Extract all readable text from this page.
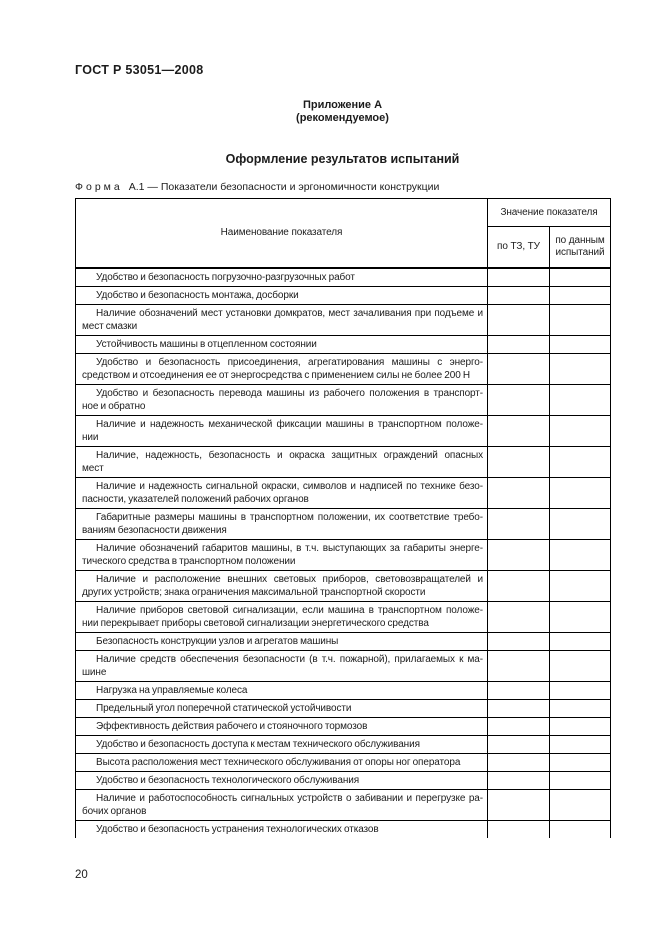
ГОСТ Р 53051—2008
Приложение А
(рекомендуемое)
Оформление результатов испытаний
Форма А.1 — Показатели безопасности и эргономичности конструкции
Наименование показателя	Значение показателя	
	по ТЗ, ТУ	по данным испытаний

Удобство и безопасность погрузочно-разгрузочных работ		

Удобство и безопасность монтажа, досборки		

Наличие обозначений мест установки домкратов, мест зачаливания при подъеме и
мест смазки		

Устойчивость машины в отцепленном состоянии		

Удобство и безопасность присоединения, агрегатирования машины с энерго-
средством и отсоединения ее от энергосредства с применением силы не более 200 Н		

Удобство и безопасность перевода машины из рабочего положения в транспорт-
ное и обратно		

Наличие и надежность механической фиксации машины в транспортном положе-
нии		

Наличие, надежность, безопасность и окраска защитных ограждений опасных
мест		

Наличие и надежность сигнальной окраски, символов и надписей по технике безо-
пасности, указателей положений рабочих органов		

Габаритные размеры машины в транспортном положении, их соответствие требо-
ваниям безопасности движения		

Наличие обозначений габаритов машины, в т.ч. выступающих за габариты энерге-
тического средства в транспортном положении		

Наличие и расположение внешних световых приборов, световозвращателей и
других устройств; знака ограничения максимальной транспортной скорости		

Наличие приборов световой сигнализации, если машина в транспортном положе-
нии перекрывает приборы световой сигнализации энергетического средства		

Безопасность конструкции узлов и агрегатов машины		

Наличие средств обеспечения безопасности (в т.ч. пожарной), прилагаемых к ма-
шине		

Нагрузка на управляемые колеса		

Предельный угол поперечной статической устойчивости		

Эффективность действия рабочего и стояночного тормозов		

Удобство и безопасность доступа к местам технического обслуживания		

Высота расположения мест технического обслуживания от опоры ног оператора		

Удобство и безопасность технологического обслуживания		

Наличие и работоспособность сигнальных устройств о забивании и перегрузке ра-
бочих органов		

Удобство и безопасность устранения технологических отказов		

20
